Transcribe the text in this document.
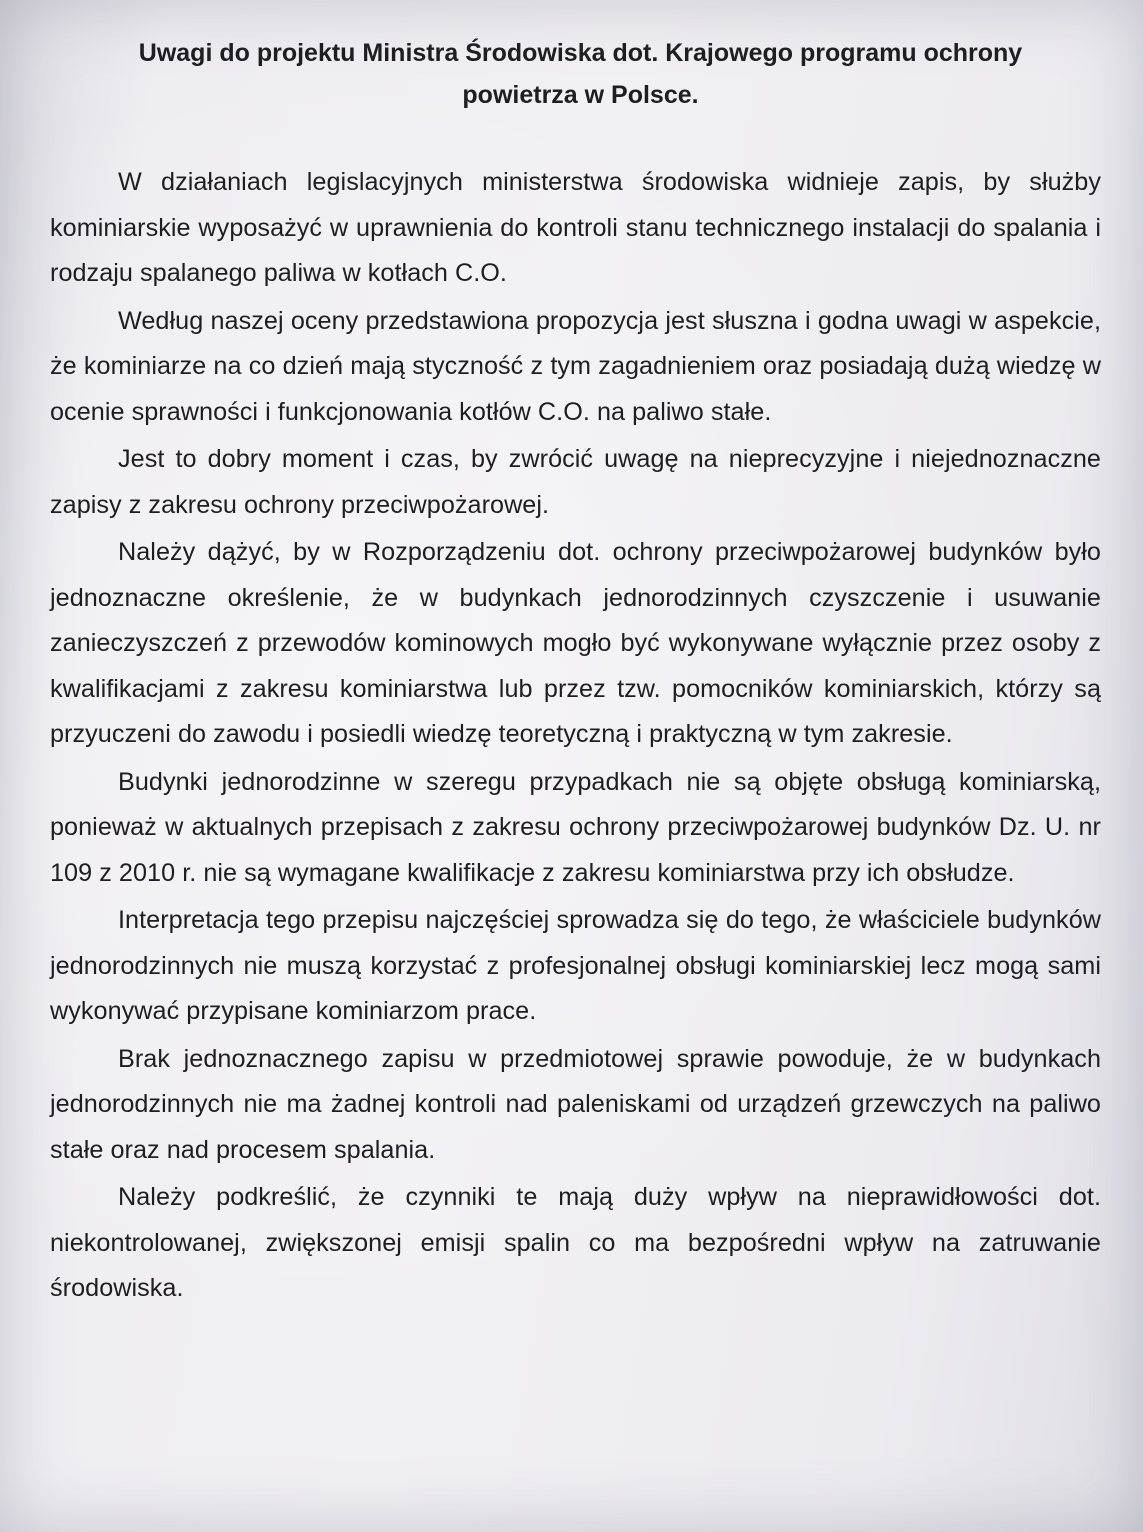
Uwagi do projektu Ministra Środowiska dot. Krajowego programu ochrony
powietrza w Polsce.

W działaniach legislacyjnych ministerstwa środowiska widnieje zapis, by służby kominiarskie wyposażyć w uprawnienia do kontroli stanu technicznego instalacji do spalania i rodzaju spalanego paliwa w kotłach C.O.

Według naszej oceny przedstawiona propozycja jest słuszna i godna uwagi w aspekcie, że kominiarze na co dzień mają styczność z tym zagadnieniem oraz posiadają dużą wiedzę w ocenie sprawności i funkcjonowania kotłów C.O. na paliwo stałe.

Jest to dobry moment i czas, by zwrócić uwagę na nieprecyzyjne i niejednoznaczne zapisy z zakresu ochrony przeciwpożarowej.

Należy dążyć, by w Rozporządzeniu dot. ochrony przeciwpożarowej budynków było jednoznaczne określenie, że w budynkach jednorodzinnych czyszczenie i usuwanie zanieczyszczeń z przewodów kominowych mogło być wykonywane wyłącznie przez osoby z kwalifikacjami z zakresu kominiarstwa lub przez tzw. pomocników kominiarskich, którzy są przyuczeni do zawodu i posiedli wiedzę teoretyczną i praktyczną w tym zakresie.

Budynki jednorodzinne w szeregu przypadkach nie są objęte obsługą kominiarską, ponieważ w aktualnych przepisach z zakresu ochrony przeciwpożarowej budynków Dz. U. nr 109 z 2010 r. nie są wymagane kwalifikacje z zakresu kominiarstwa przy ich obsłudze.

Interpretacja tego przepisu najczęściej sprowadza się do tego, że właściciele budynków jednorodzinnych nie muszą korzystać z profesjonalnej obsługi kominiarskiej lecz mogą sami wykonywać przypisane kominiarzom prace.

Brak jednoznacznego zapisu w przedmiotowej sprawie powoduje, że w budynkach jednorodzinnych nie ma żadnej kontroli nad paleniskami od urządzeń grzewczych na paliwo stałe oraz nad procesem spalania.

Należy podkreślić, że czynniki te mają duży wpływ na nieprawidłowości dot. niekontrolowanej, zwiększonej emisji spalin co ma bezpośredni wpływ na zatruwanie środowiska.
